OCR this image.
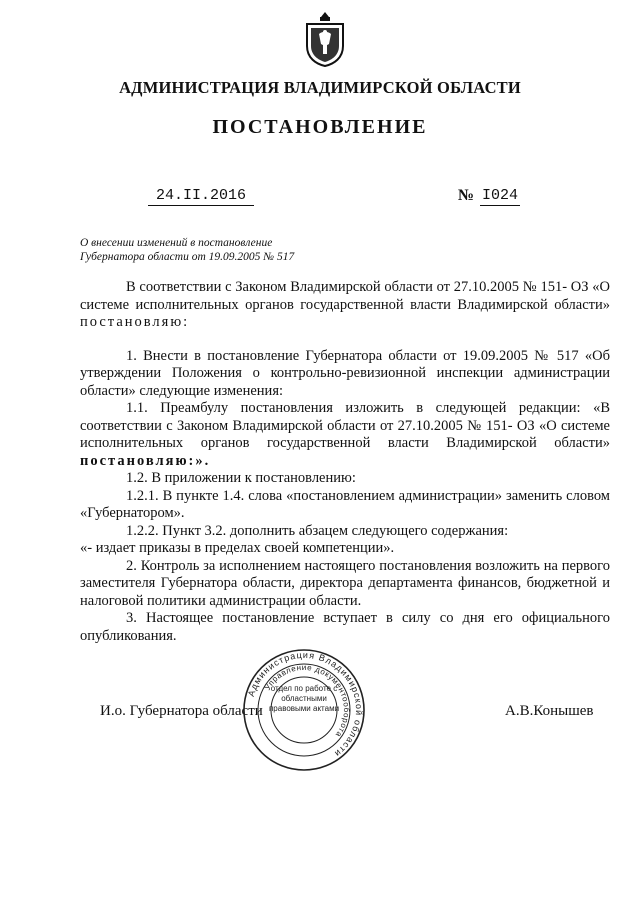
АДМИНИСТРАЦИЯ ВЛАДИМИРСКОЙ ОБЛАСТИ
ПОСТАНОВЛЕНИЕ
24.II.2016	№ I024
О внесении изменений в постановление
Губернатора области от 19.09.2005 № 517

В соответствии с Законом Владимирской области от 27.10.2005 № 151- ОЗ «О системе исполнительных органов государственной власти Владимирской области» постановляю:

1. Внести в постановление Губернатора области от 19.09.2005 № 517 «Об утверждении Положения о контрольно-ревизионной инспекции администрации области» следующие изменения:

1.1. Преамбулу постановления изложить в следующей редакции: «В соответствии с Законом Владимирской области от 27.10.2005 № 151- ОЗ «О системе исполнительных органов государственной власти Владимирской области» постановляю:».

1.2. В приложении к постановлению:

1.2.1. В пункте 1.4. слова «постановлением администрации» заменить словом «Губернатором».

1.2.2. Пункт 3.2. дополнить абзацем следующего содержания:

«- издает приказы в пределах своей компетенции».

2. Контроль за исполнением настоящего постановления возложить на первого заместителя Губернатора области, директора департамента финансов, бюджетной и налоговой политики администрации области.

3. Настоящее постановление вступает в силу со дня его официального опубликования.

И.о. Губернатора области	А.В.Конышев
Администрация Владимирской области
Управление документооборота
отдел по работе с областными правовыми актами
